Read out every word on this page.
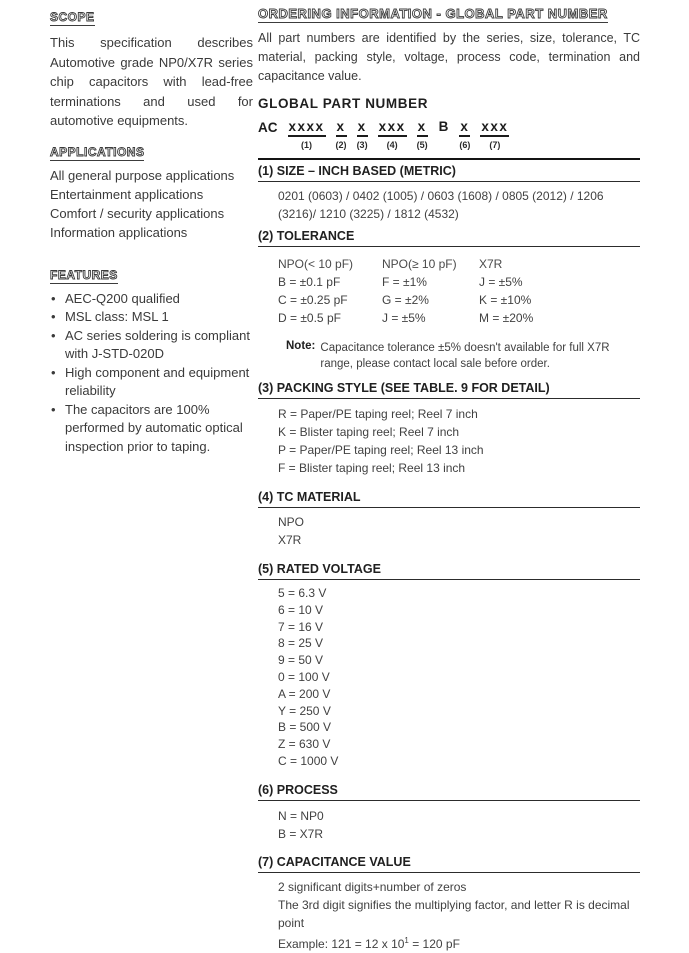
SCOPE
This specification describes Automotive grade NP0/X7R series chip capacitors with lead-free terminations and used for automotive equipments.
APPLICATIONS
All general purpose applications
Entertainment applications
Comfort / security applications
Information applications
FEATURES
• AEC-Q200 qualified
• MSL class: MSL 1
• AC series soldering is compliant with J-STD-020D
• High component and equipment reliability
• The capacitors are 100% performed by automatic optical inspection prior to taping.
ORDERING INFORMATION - GLOBAL PART NUMBER
All part numbers are identified by the series, size, tolerance, TC material, packing style, voltage, process code, termination and capacitance value.
GLOBAL PART NUMBER
AC xxxx
(1)
x
(2)
x
(3)
xxx
(4)
x
(5)
B x
(6)
xxx
(7)
(1) SIZE – INCH BASED (METRIC)
0201 (0603) / 0402 (1005) / 0603 (1608) / 0805 (2012) / 1206 (3216)/ 1210 (3225) / 1812 (4532)
(2) TOLERANCE
NPO(< 10 pF)
B = ±0.1 pF
C = ±0.25 pF
D = ±0.5 pF
NPO(≥ 10 pF)
F = ±1%
G = ±2%
J = ±5%
X7R
J = ±5%
K = ±10%
M = ±20%
Note: Capacitance tolerance ±5% doesn't available for full X7R range, please contact local sale before order.
(3) PACKING STYLE (SEE TABLE. 9 FOR DETAIL)
R = Paper/PE taping reel; Reel 7 inch
K = Blister taping reel; Reel 7 inch
P = Paper/PE taping reel; Reel 13 inch
F = Blister taping reel; Reel 13 inch
(4) TC MATERIAL
NPO
X7R
(5) RATED VOLTAGE
5 = 6.3 V
6 = 10 V
7 = 16 V
8 = 25 V
9 = 50 V
0 = 100 V
A = 200 V
Y = 250 V
B = 500 V
Z = 630 V
C = 1000 V
(6) PROCESS
N = NP0
B = X7R
(7) CAPACITANCE VALUE
2 significant digits+number of zeros
The 3rd digit signifies the multiplying factor, and letter R is decimal point
Example: 121 = 12 x $10^1 = 120$ pF
